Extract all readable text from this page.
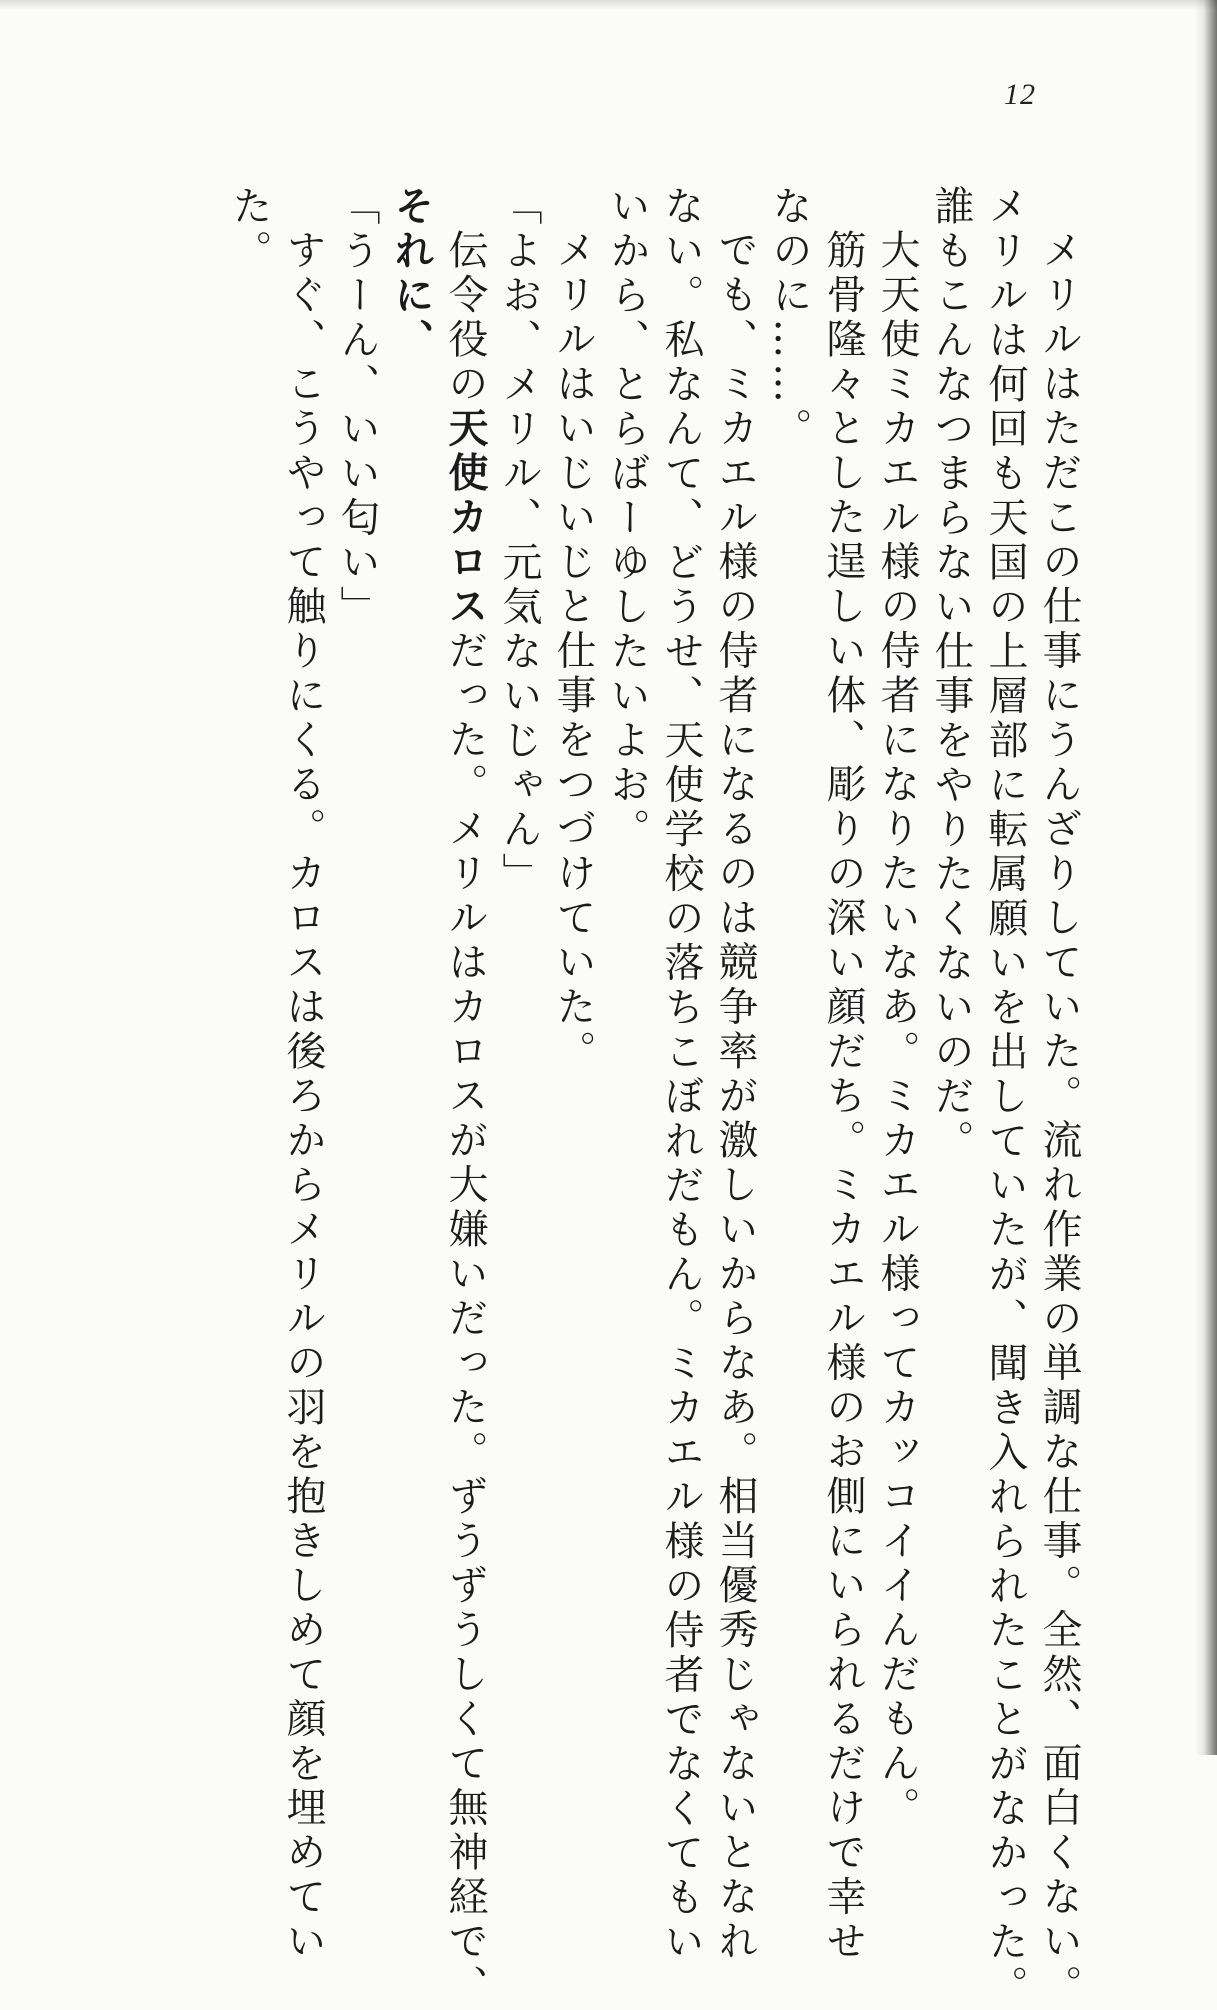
12
メリルはただこの仕事にうんざりしていた。流れ作業の単調な仕事。全然、面白くない。
メリルは何回も天国の上層部に転属願いを出していたが、聞き入れられたことがなかった。
誰もこんなつまらない仕事をやりたくないのだ。
大天使ミカエル様の侍者になりたいなあ。ミカエル様ってカッコイイんだもん。
筋骨隆々とした逞しい体、彫りの深い顔だち。ミカエル様のお側にいられるだけで幸せ
なのに……。
でも、ミカエル様の侍者になるのは競争率が激しいからなあ。相当優秀じゃないとなれ
ない。私なんて、どうせ、天使学校の落ちこぼれだもん。ミカエル様の侍者でなくてもい
いから、とらばーゆしたいよお。
メリルはいじいじと仕事をつづけていた。
「よお、メリル、元気ないじゃん」
伝令役の天使カロスだった。メリルはカロスが大嫌いだった。ずうずうしくて無神経で、
それに、
「うーん、いい匂い」
すぐ、こうやって触りにくる。カロスは後ろからメリルの羽を抱きしめて顔を埋めてい
た。
